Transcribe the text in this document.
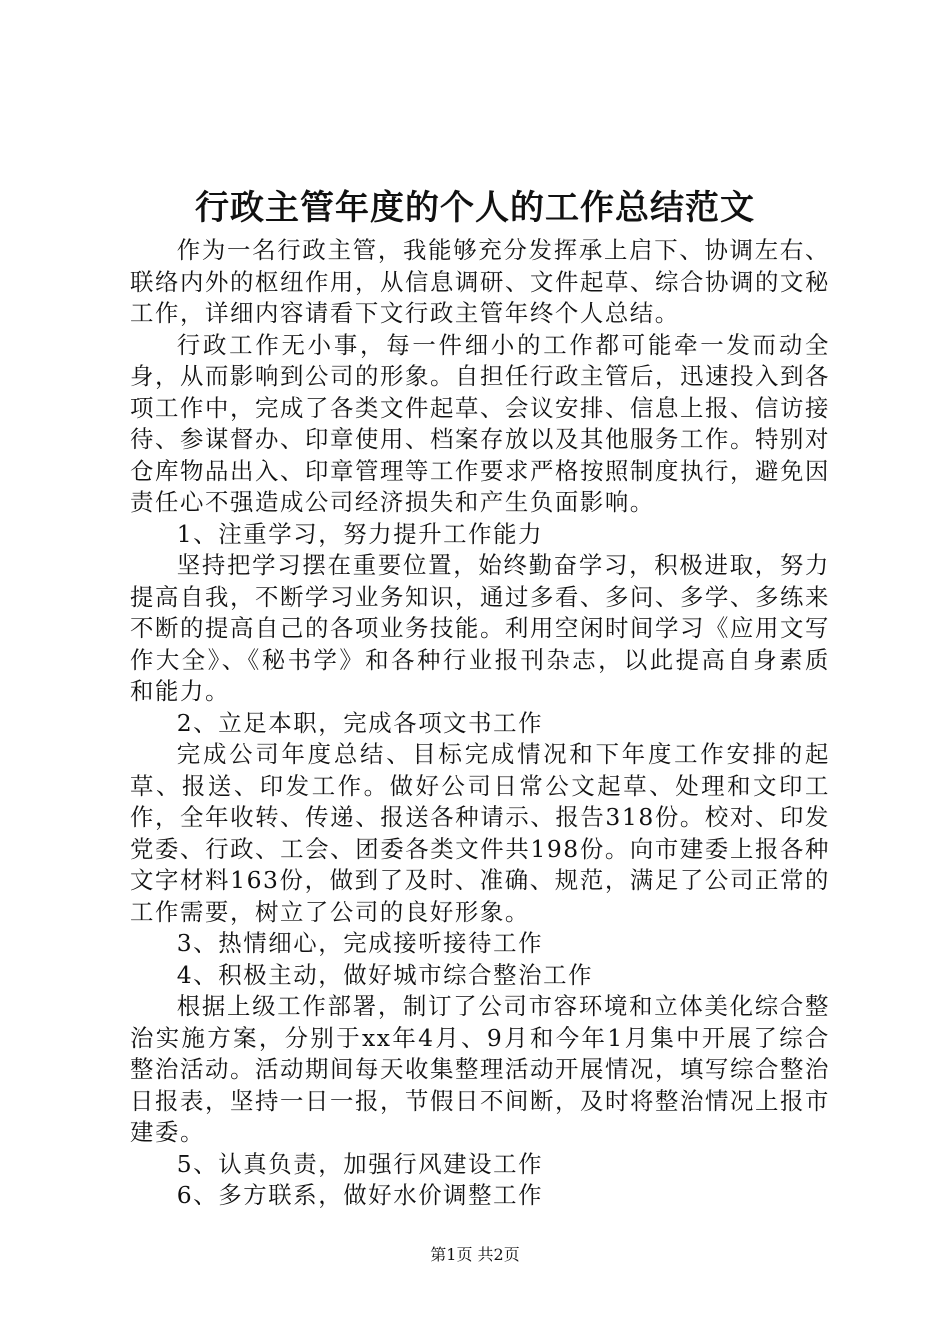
行政主管年度的个人的工作总结范文

作为一名行政主管，我能够充分发挥承上启下、协调左右、联络内外的枢纽作用，从信息调研、文件起草、综合协调的文秘工作，详细内容请看下文行政主管年终个人总结。

行政工作无小事，每一件细小的工作都可能牵一发而动全身，从而影响到公司的形象。自担任行政主管后，迅速投入到各项工作中，完成了各类文件起草、会议安排、信息上报、信访接待、参谋督办、印章使用、档案存放以及其他服务工作。特别对仓库物品出入、印章管理等工作要求严格按照制度执行，避免因责任心不强造成公司经济损失和产生负面影响。

1、注重学习，努力提升工作能力

坚持把学习摆在重要位置，始终勤奋学习，积极进取，努力提高自我，不断学习业务知识，通过多看、多问、多学、多练来不断的提高自己的各项业务技能。利用空闲时间学习《应用文写作大全》、《秘书学》和各种行业报刊杂志，以此提高自身素质和能力。

2、立足本职，完成各项文书工作

完成公司年度总结、目标完成情况和下年度工作安排的起草、报送、印发工作。做好公司日常公文起草、处理和文印工作，全年收转、传递、报送各种请示、报告318份。校对、印发党委、行政、工会、团委各类文件共198份。向市建委上报各种文字材料163份，做到了及时、准确、规范，满足了公司正常的工作需要，树立了公司的良好形象。

3、热情细心，完成接听接待工作

4、积极主动，做好城市综合整治工作

根据上级工作部署，制订了公司市容环境和立体美化综合整治实施方案，分别于xx年4月、9月和今年1月集中开展了综合整治活动。活动期间每天收集整理活动开展情况，填写综合整治日报表，坚持一日一报，节假日不间断，及时将整治情况上报市建委。

5、认真负责，加强行风建设工作

6、多方联系，做好水价调整工作

第1页 共2页
